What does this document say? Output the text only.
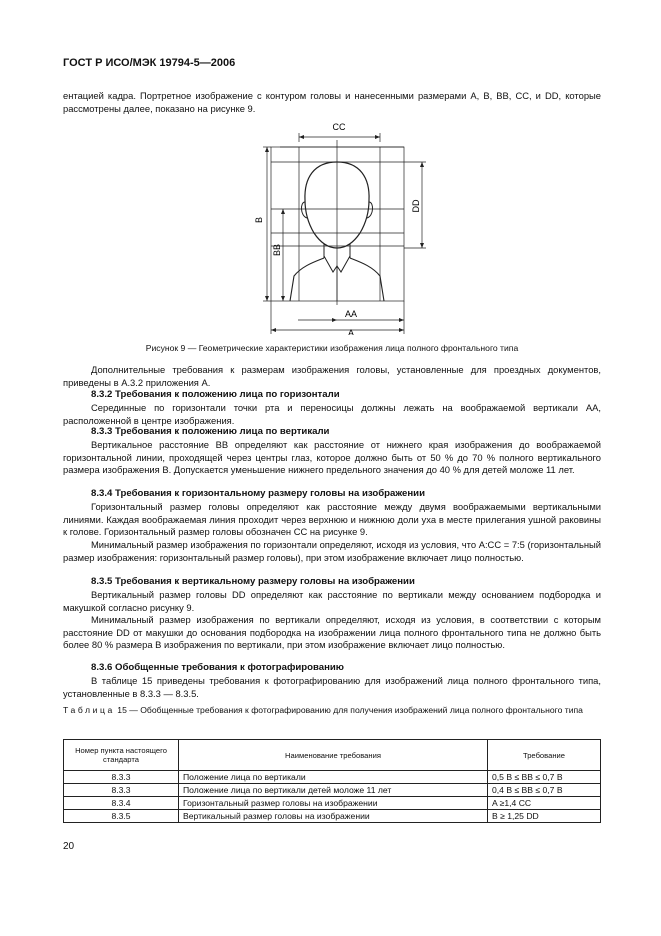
ГОСТ Р ИСО/МЭК 19794-5—2006
ентацией кадра. Портретное изображение с контуром головы и нанесенными размерами A, B, BB, CC, и DD, которые рассмотрены далее, показано на рисунке 9.
CC
B
BB
DD
AA
A
Рисунок 9 — Геометрические характеристики изображения лица полного фронтального типа
Дополнительные требования к размерам изображения головы, установленные для проездных документов, приведены в А.3.2 приложения А.
8.3.2 Требования к положению лица по горизонтали
Серединные по горизонтали точки рта и переносицы должны лежать на воображаемой вертикали AA, расположенной в центре изображения.
8.3.3 Требования к положению лица по вертикали
Вертикальное расстояние BB определяют как расстояние от нижнего края изображения до воображаемой горизонтальной линии, проходящей через центры глаз, которое должно быть от 50 % до 70 % полного вертикального размера изображения B. Допускается уменьшение нижнего предельного значения до 40 % для детей моложе 11 лет.
8.3.4 Требования к горизонтальному размеру головы на изображении
Горизонтальный размер головы определяют как расстояние между двумя воображаемыми вертикальными линиями. Каждая воображаемая линия проходит через верхнюю и нижнюю доли уха в месте прилегания ушной раковины к голове. Горизонтальный размер головы обозначен CC на рисунке 9.
Минимальный размер изображения по горизонтали определяют, исходя из условия, что A:CC = 7:5 (горизонтальный размер изображения: горизонтальный размер головы), при этом изображение включает лицо полностью.
8.3.5 Требования к вертикальному размеру головы на изображении
Вертикальный размер головы DD определяют как расстояние по вертикали между основанием подбородка и макушкой согласно рисунку 9.
Минимальный размер изображения по вертикали определяют, исходя из условия, в соответствии с которым расстояние DD от макушки до основания подбородка на изображении лица полного фронтального типа не должно быть более 80 % размера B изображения по вертикали, при этом изображение включает лицо полностью.
8.3.6 Обобщенные требования к фотографированию
В таблице 15 приведены требования к фотографированию для изображений лица полного фронтального типа, установленные в 8.3.3 — 8.3.5.
Таблица 15 — Обобщенные требования к фотографированию для получения изображений лица полного фронтального типа
Номер пункта настоящего стандарта	Наименование требования	Требование
8.3.3	Положение лица по вертикали	0,5 B ≤ BB ≤ 0,7 B
8.3.3	Положение лица по вертикали детей моложе 11 лет	0,4 B ≤ BB ≤ 0,7 B
8.3.4	Горизонтальный размер головы на изображении	A ≥1,4 CC
8.3.5	Вертикальный размер головы на изображении	B ≥ 1,25 DD
20
